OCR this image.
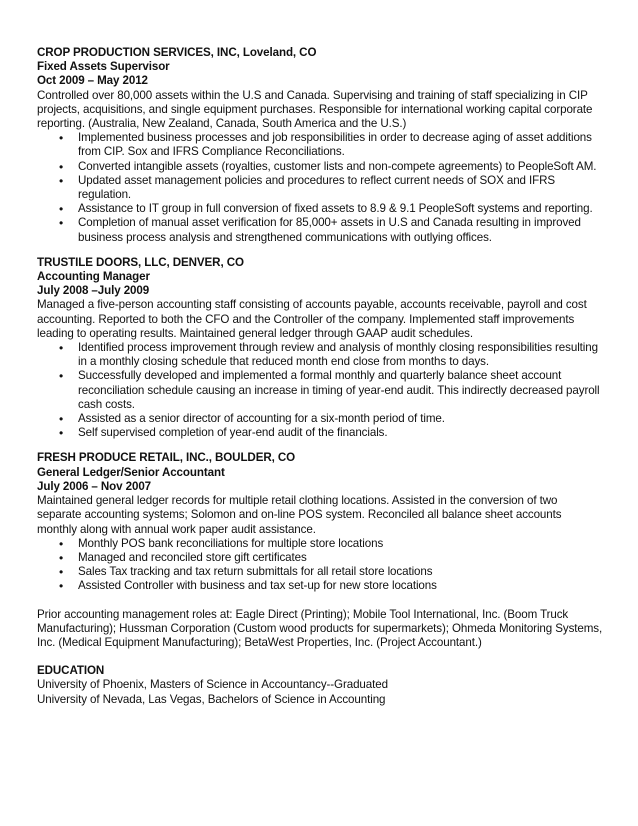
CROP PRODUCTION SERVICES, INC, Loveland, CO

Fixed Assets Supervisor

Oct 2009 – May 2012

Controlled over 80,000 assets within the U.S and Canada. Supervising and training of staff specializing in CIP projects, acquisitions, and single equipment purchases. Responsible for international working capital corporate reporting. (Australia, New Zealand, Canada, South America and the U.S.)

• Implemented business processes and job responsibilities in order to decrease aging of asset additions from CIP. Sox and IFRS Compliance Reconciliations.
• Converted intangible assets (royalties, customer lists and non-compete agreements) to PeopleSoft AM.
• Updated asset management policies and procedures to reflect current needs of SOX and IFRS regulation.
• Assistance to IT group in full conversion of fixed assets to 8.9 & 9.1 PeopleSoft systems and reporting.
• Completion of manual asset verification for 85,000+ assets in U.S and Canada resulting in improved business process analysis and strengthened communications with outlying offices.

TRUSTILE DOORS, LLC, DENVER, CO

Accounting Manager

July 2008 –July 2009

Managed a five-person accounting staff consisting of accounts payable, accounts receivable, payroll and cost accounting. Reported to both the CFO and the Controller of the company. Implemented staff improvements leading to operating results. Maintained general ledger through GAAP audit schedules.

• Identified process improvement through review and analysis of monthly closing responsibilities resulting in a monthly closing schedule that reduced month end close from months to days.
• Successfully developed and implemented a formal monthly and quarterly balance sheet account reconciliation schedule causing an increase in timing of year-end audit. This indirectly decreased payroll cash costs.
• Assisted as a senior director of accounting for a six-month period of time.
• Self supervised completion of year-end audit of the financials.

FRESH PRODUCE RETAIL, INC., BOULDER, CO

General Ledger/Senior Accountant

July 2006 – Nov 2007

Maintained general ledger records for multiple retail clothing locations. Assisted in the conversion of two separate accounting systems; Solomon and on-line POS system. Reconciled all balance sheet accounts monthly along with annual work paper audit assistance.

• Monthly POS bank reconciliations for multiple store locations
• Managed and reconciled store gift certificates
• Sales Tax tracking and tax return submittals for all retail store locations
• Assisted Controller with business and tax set-up for new store locations

Prior accounting management roles at: Eagle Direct (Printing); Mobile Tool International, Inc. (Boom Truck Manufacturing); Hussman Corporation (Custom wood products for supermarkets); Ohmeda Monitoring Systems, Inc. (Medical Equipment Manufacturing); BetaWest Properties, Inc. (Project Accountant.)

EDUCATION

University of Phoenix, Masters of Science in Accountancy--Graduated

University of Nevada, Las Vegas, Bachelors of Science in Accounting
